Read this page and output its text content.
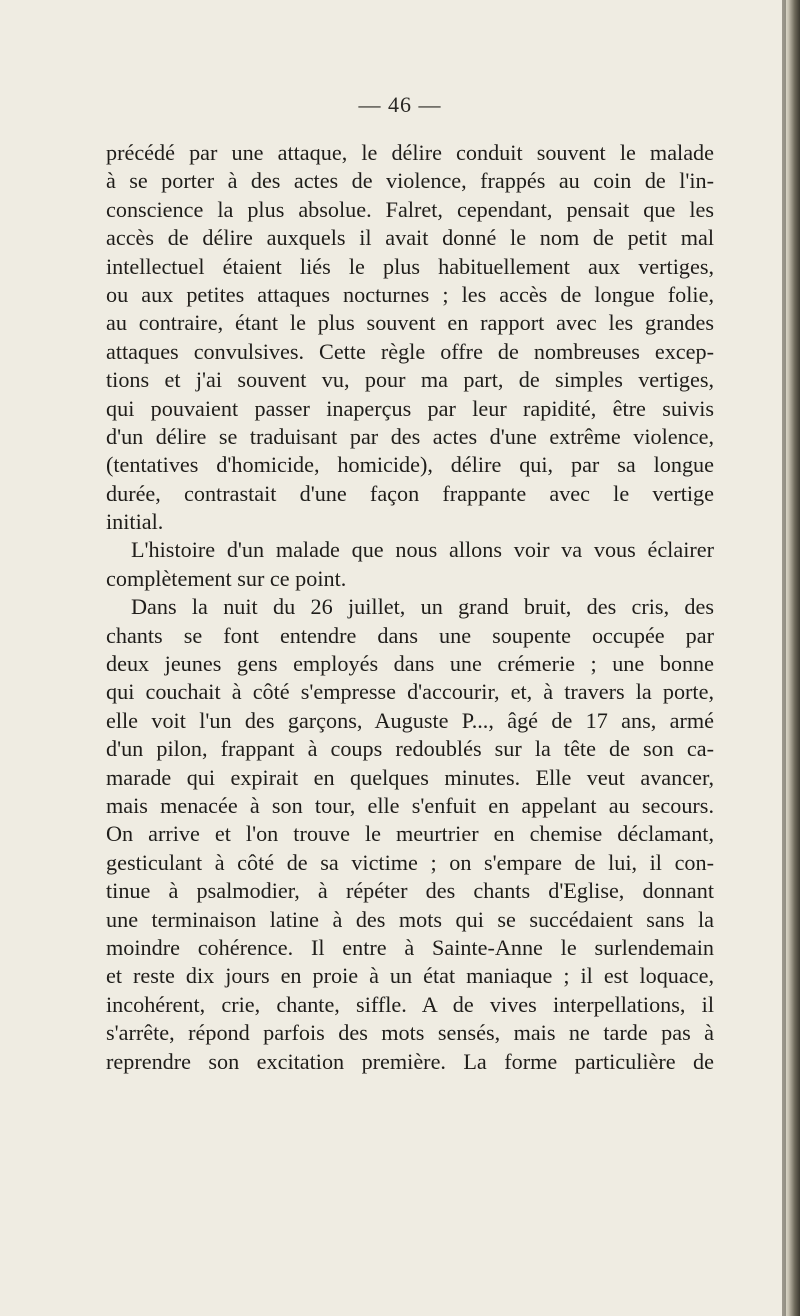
— 46 —
précédé par une attaque, le délire conduit souvent le malade
à se porter à des actes de violence, frappés au coin de l'in-
conscience la plus absolue. Falret, cependant, pensait que les
accès de délire auxquels il avait donné le nom de petit mal
intellectuel étaient liés le plus habituellement aux vertiges,
ou aux petites attaques nocturnes ; les accès de longue folie,
au contraire, étant le plus souvent en rapport avec les grandes
attaques convulsives. Cette règle offre de nombreuses excep-
tions et j'ai souvent vu, pour ma part, de simples vertiges,
qui pouvaient passer inaperçus par leur rapidité, être suivis
d'un délire se traduisant par des actes d'une extrême violence,
(tentatives d'homicide, homicide), délire qui, par sa longue
durée, contrastait d'une façon frappante avec le vertige
initial.
L'histoire d'un malade que nous allons voir va vous éclairer
complètement sur ce point.
Dans la nuit du 26 juillet, un grand bruit, des cris, des
chants se font entendre dans une soupente occupée par
deux jeunes gens employés dans une crémerie ; une bonne
qui couchait à côté s'empresse d'accourir, et, à travers la porte,
elle voit l'un des garçons, Auguste P..., âgé de 17 ans, armé
d'un pilon, frappant à coups redoublés sur la tête de son ca-
marade qui expirait en quelques minutes. Elle veut avancer,
mais menacée à son tour, elle s'enfuit en appelant au secours.
On arrive et l'on trouve le meurtrier en chemise déclamant,
gesticulant à côté de sa victime ; on s'empare de lui, il con-
tinue à psalmodier, à répéter des chants d'Eglise, donnant
une terminaison latine à des mots qui se succédaient sans la
moindre cohérence. Il entre à Sainte-Anne le surlendemain
et reste dix jours en proie à un état maniaque ; il est loquace,
incohérent, crie, chante, siffle. A de vives interpellations, il
s'arrête, répond parfois des mots sensés, mais ne tarde pas à
reprendre son excitation première. La forme particulière de
